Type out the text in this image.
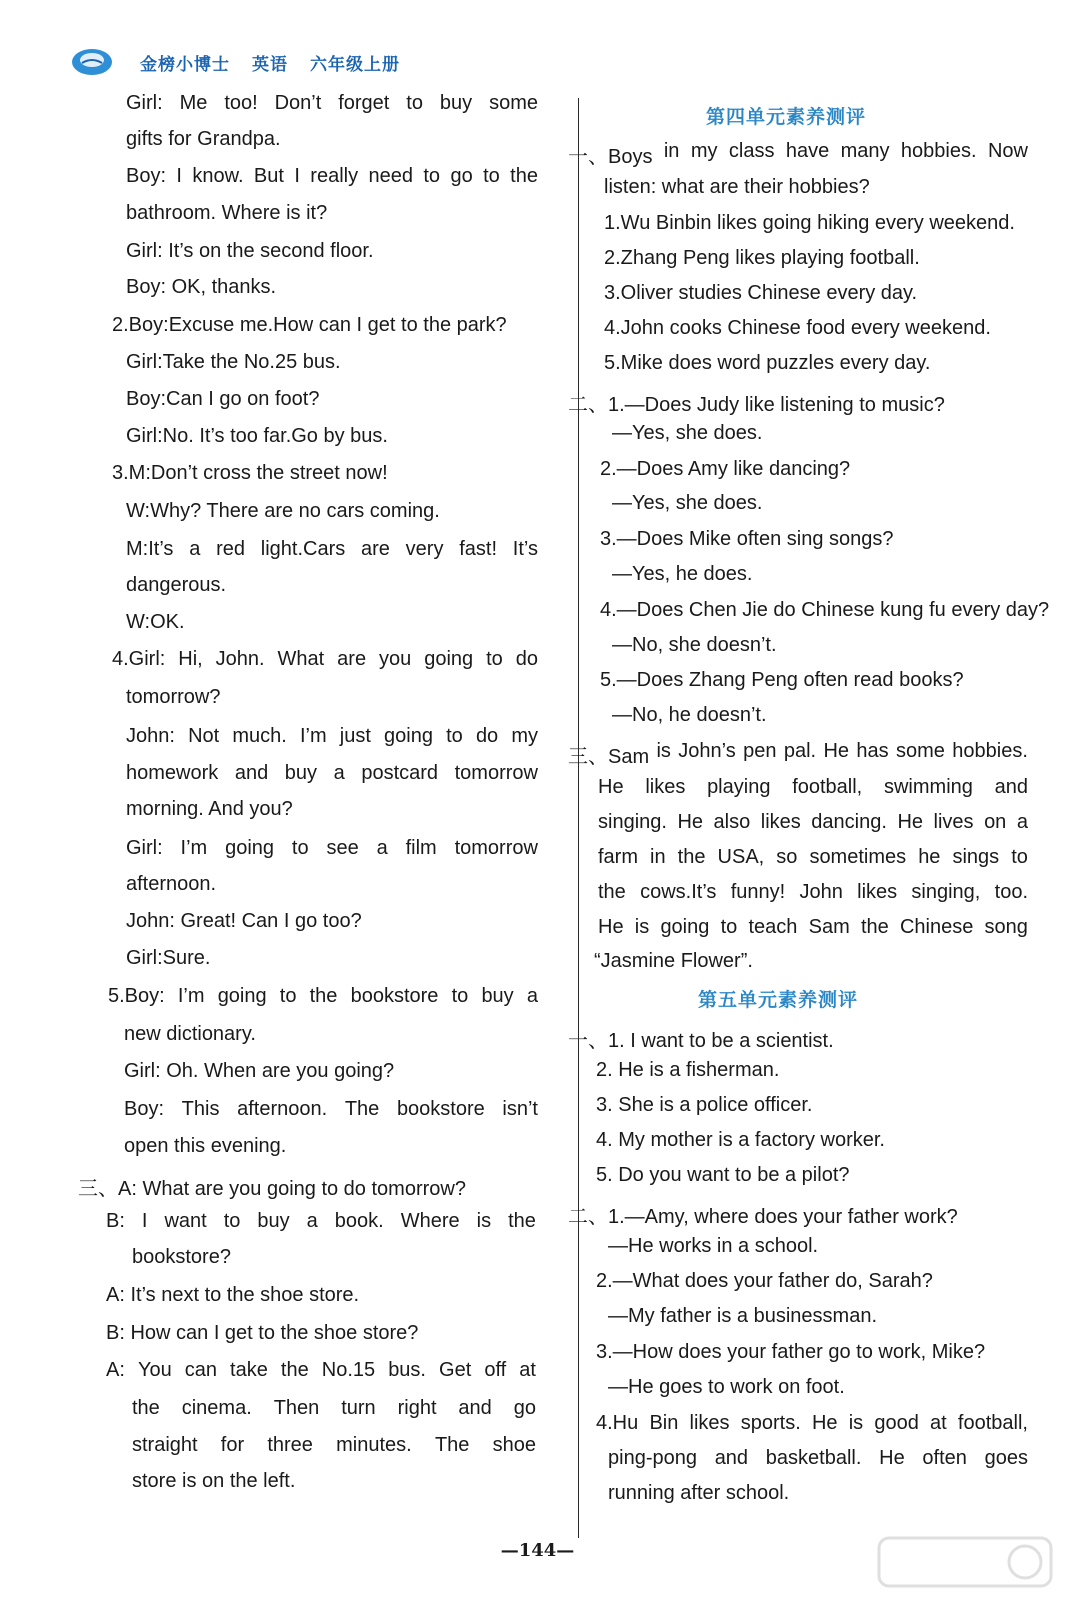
金榜小博士 英语 六年级上册
Girl: Me too! Don’t forget to buy some
gifts for Grandpa.
Boy: I know. But I really need to go to the
bathroom. Where is it?
Girl: It’s on the second floor.
Boy: OK, thanks.
2.Boy:Excuse me.How can I get to the park?
Girl:Take the No.25 bus.
Boy:Can I go on foot?
Girl:No. It’s too far.Go by bus.
3.M:Don’t cross the street now!
W:Why? There are no cars coming.
M:It’s a red light.Cars are very fast! It’s
dangerous.
W:OK.
4.Girl: Hi, John. What are you going to do
tomorrow?
John: Not much. I’m just going to do my
homework and buy a postcard tomorrow
morning. And you?
Girl: I’m going to see a film tomorrow
afternoon.
John: Great! Can I go too?
Girl:Sure.
5.Boy: I’m going to the bookstore to buy a
new dictionary.
Girl: Oh. When are you going?
Boy: This afternoon. The bookstore isn’t
open this evening.
三、A: What are you going to do tomorrow?
B: I want to buy a book. Where is the
bookstore?
A: It’s next to the shoe store.
B: How can I get to the shoe store?
A: You can take the No.15 bus. Get off at
the cinema. Then turn right and go
straight for three minutes. The shoe
store is on the left.
第四单元素养测评
一、Boys in my class have many hobbies. Now
listen: what are their hobbies?
1.Wu Binbin likes going hiking every weekend.
2.Zhang Peng likes playing football.
3.Oliver studies Chinese every day.
4.John cooks Chinese food every weekend.
5.Mike does word puzzles every day.
二、1.—Does Judy like listening to music?
—Yes, she does.
2.—Does Amy like dancing?
—Yes, she does.
3.—Does Mike often sing songs?
—Yes, he does.
4.—Does Chen Jie do Chinese kung fu every day?
—No, she doesn’t.
5.—Does Zhang Peng often read books?
—No, he doesn’t.
三、Sam is John’s pen pal. He has some hobbies.
He likes playing football, swimming and
singing. He also likes dancing. He lives on a
farm in the USA, so sometimes he sings to
the cows.It’s funny! John likes singing, too.
He is going to teach Sam the Chinese song
“Jasmine Flower”.
第五单元素养测评
一、1. I want to be a scientist.
2. He is a fisherman.
3. She is a police officer.
4. My mother is a factory worker.
5. Do you want to be a pilot?
二、1.—Amy, where does your father work?
—He works in a school.
2.—What does your father do, Sarah?
—My father is a businessman.
3.—How does your father go to work, Mike?
—He goes to work on foot.
4.Hu Bin likes sports. He is good at football,
ping-pong and basketball. He often goes
running after school.
—144—
